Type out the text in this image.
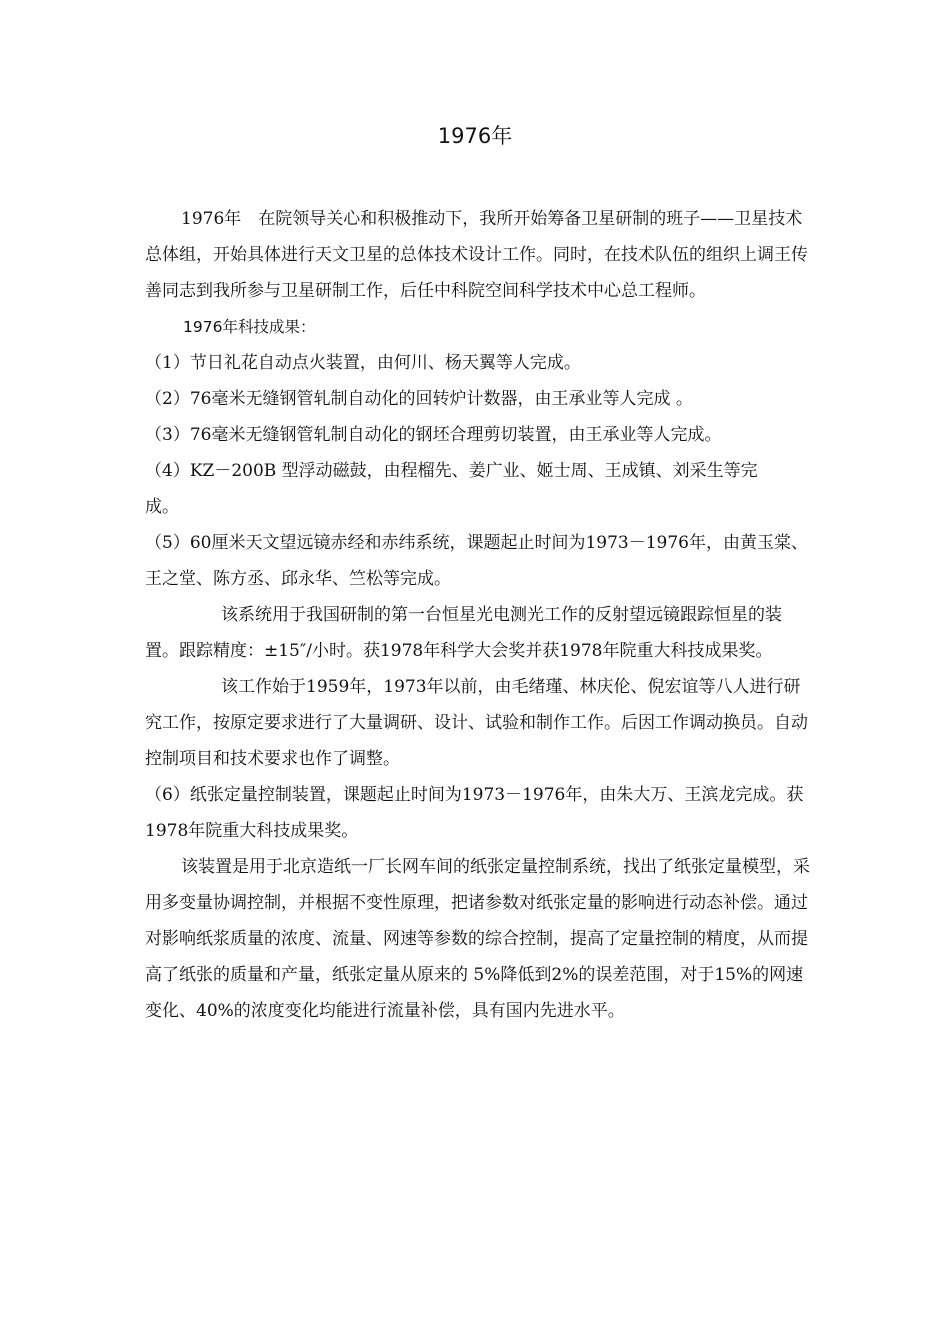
1976年

1976年　在院领导关心和积极推动下，我所开始筹备卫星研制的班子——卫星技术总体组，开始具体进行天文卫星的总体技术设计工作。同时，在技术队伍的组织上调王传善同志到我所参与卫星研制工作，后任中科院空间科学技术中心总工程师。

1976年科技成果：

（1）节日礼花自动点火装置，由何川、杨天翼等人完成。

（2）76毫米无缝钢管轧制自动化的回转炉计数器，由王承业等人完成 。

（3）76毫米无缝钢管轧制自动化的钢坯合理剪切装置，由王承业等人完成。

（4）KZ－200B 型浮动磁鼓，由程榴先、姜广业、姬士周、王成镇、刘采生等完

成。

（5）60厘米天文望远镜赤经和赤纬系统，课题起止时间为1973－1976年，由黄玉棠、王之堂、陈方丞、邱永华、竺松等完成。

该系统用于我国研制的第一台恒星光电测光工作的反射望远镜跟踪恒星的装置。跟踪精度：±15″/小时。获1978年科学大会奖并获1978年院重大科技成果奖。

该工作始于1959年，1973年以前，由毛绪瑾、林庆伦、倪宏谊等八人进行研究工作，按原定要求进行了大量调研、设计、试验和制作工作。后因工作调动换员。自动控制项目和技术要求也作了调整。

（6）纸张定量控制装置，课题起止时间为1973－1976年，由朱大万、王滨龙完成。获1978年院重大科技成果奖。

该装置是用于北京造纸一厂长网车间的纸张定量控制系统，找出了纸张定量模型，采用多变量协调控制，并根据不变性原理，把诸参数对纸张定量的影响进行动态补偿。通过对影响纸浆质量的浓度、流量、网速等参数的综合控制，提高了定量控制的精度，从而提高了纸张的质量和产量，纸张定量从原来的 5%降低到2%的误差范围，对于15%的网速变化、40%的浓度变化均能进行流量补偿，具有国内先进水平。
